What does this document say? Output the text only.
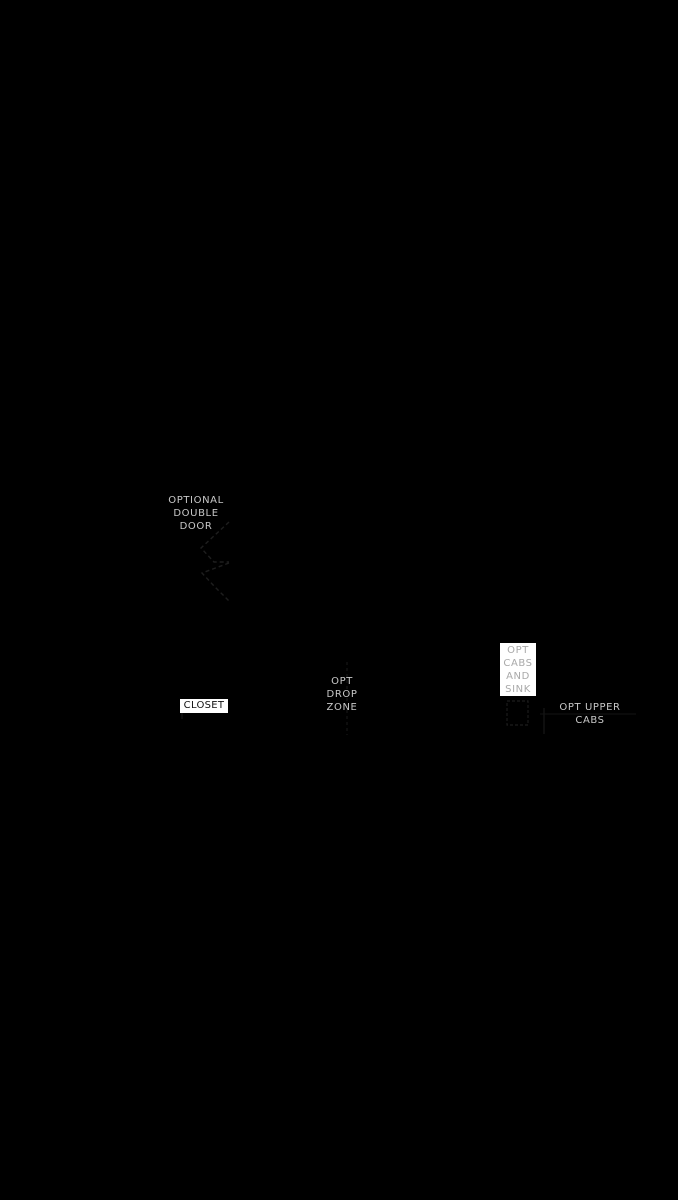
OPTIONAL
DOUBLE
DOOR
CLOSET
OPT
DROP
ZONE
OPT
CABS
AND
SINK
OPT UPPER
CABS
